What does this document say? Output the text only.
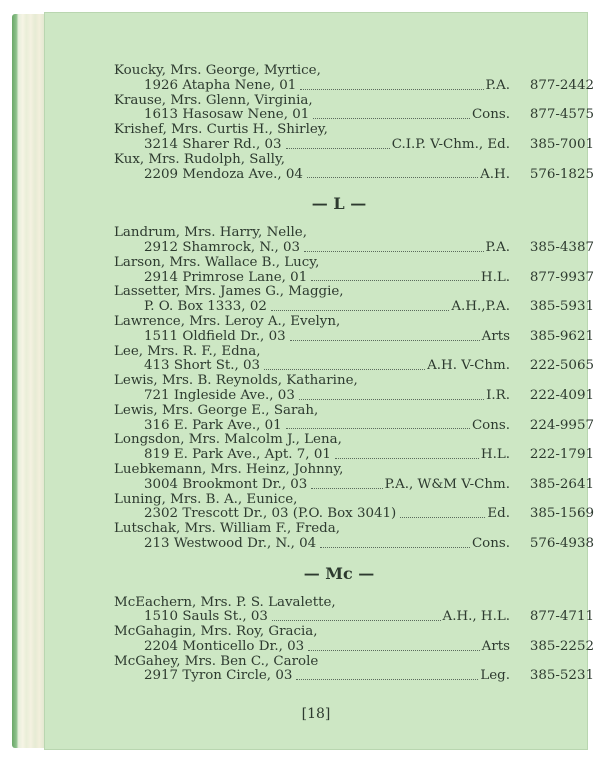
Koucky, Mrs. George, Myrtice,
1926 Atapha Nene, 01	P.A.	877-2442
Krause, Mrs. Glenn, Virginia,
1613 Hasosaw Nene, 01	Cons.	877-4575
Krishef, Mrs. Curtis H., Shirley,
3214 Sharer Rd., 03	C.I.P. V-Chm., Ed.	385-7001
Kux, Mrs. Rudolph, Sally,
2209 Mendoza Ave., 04	A.H.	576-1825
— L —
Landrum, Mrs. Harry, Nelle,
2912 Shamrock, N., 03	P.A.	385-4387
Larson, Mrs. Wallace B., Lucy,
2914 Primrose Lane, 01	H.L.	877-9937
Lassetter, Mrs. James G., Maggie,
P. O. Box 1333, 02	A.H.,P.A.	385-5931
Lawrence, Mrs. Leroy A., Evelyn,
1511 Oldfield Dr., 03	Arts	385-9621
Lee, Mrs. R. F., Edna,
413 Short St., 03	A.H. V-Chm.	222-5065
Lewis, Mrs. B. Reynolds, Katharine,
721 Ingleside Ave., 03	I.R.	222-4091
Lewis, Mrs. George E., Sarah,
316 E. Park Ave., 01	Cons.	224-9957
Longsdon, Mrs. Malcolm J., Lena,
819 E. Park Ave., Apt. 7, 01	H.L.	222-1791
Luebkemann, Mrs. Heinz, Johnny,
3004 Brookmont Dr., 03	P.A., W&M V-Chm.	385-2641
Luning, Mrs. B. A., Eunice,
2302 Trescott Dr., 03 (P.O. Box 3041)	Ed.	385-1569
Lutschak, Mrs. William F., Freda,
213 Westwood Dr., N., 04	Cons.	576-4938
— Mc —
McEachern, Mrs. P. S. Lavalette,
1510 Sauls St., 03	A.H., H.L.	877-4711
McGahagin, Mrs. Roy, Gracia,
2204 Monticello Dr., 03	Arts	385-2252
McGahey, Mrs. Ben C., Carole
2917 Tyron Circle, 03	Leg.	385-5231
[18]
